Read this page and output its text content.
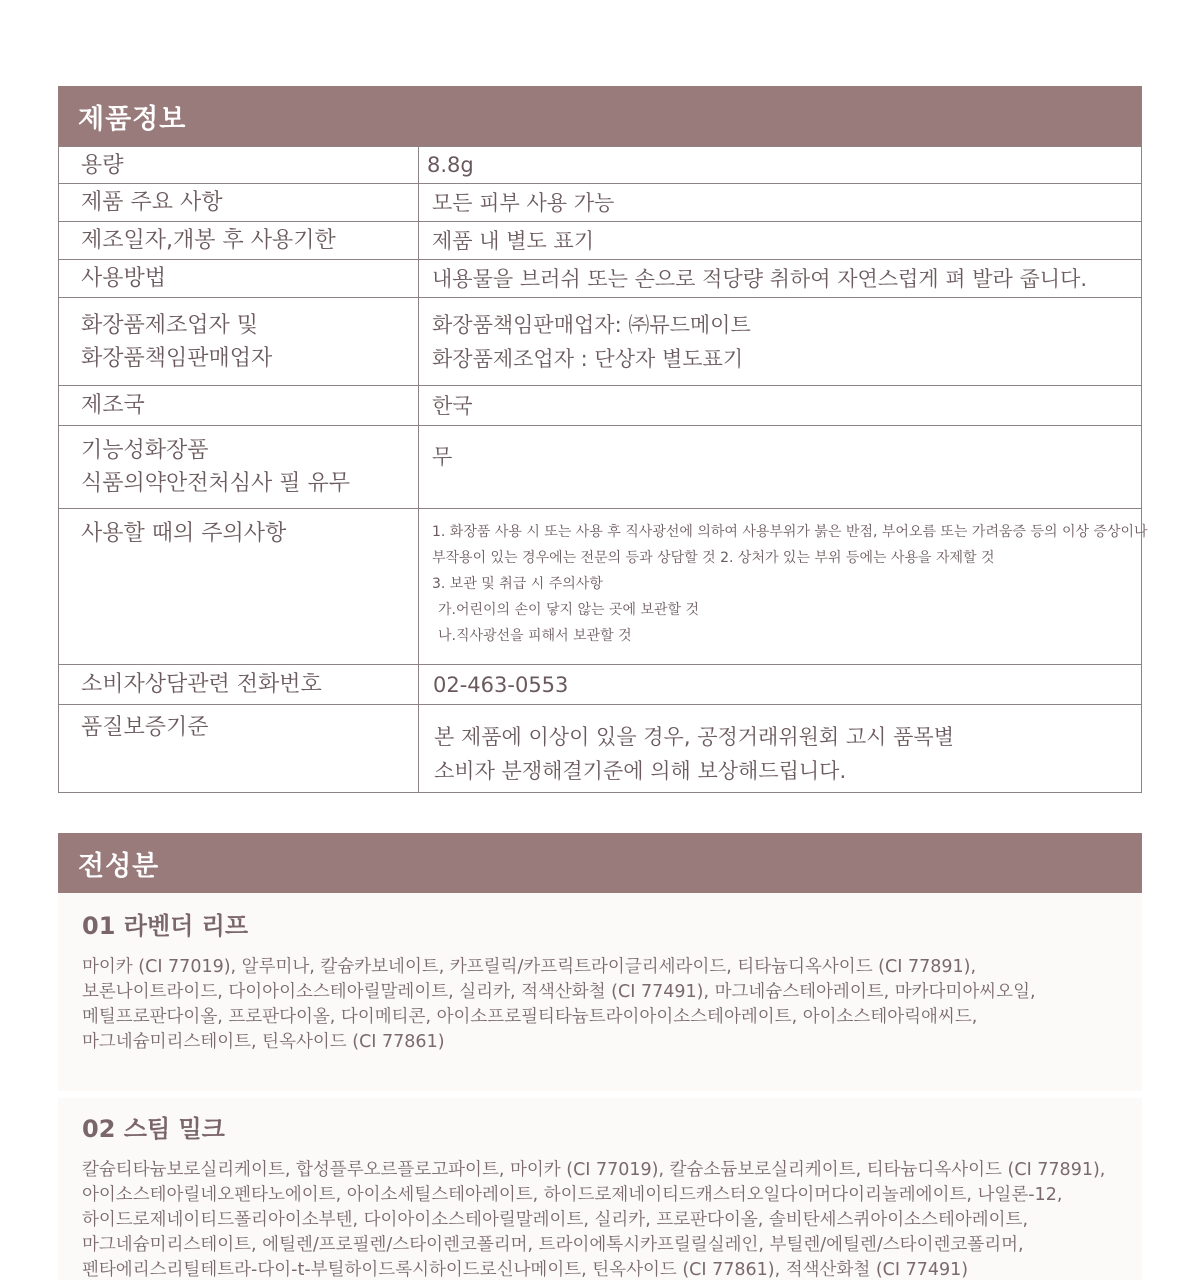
제품정보
용량	8.8g

제품 주요 사항	모든 피부 사용 가능

제조일자,개봉 후 사용기한	제품 내 별도 표기

사용방법	내용물을 브러쉬 또는 손으로 적당량 취하여 자연스럽게 펴 발라 줍니다.

화장품제조업자 및
화장품책임판매업자	화장품책임판매업자: ㈜뮤드메이트
화장품제조업자 : 단상자 별도표기

제조국	한국

기능성화장품
식품의약안전처심사 필 유무	무

사용할 때의 주의사항	1. 화장품 사용 시 또는 사용 후 직사광선에 의하여 사용부위가 붉은 반점, 부어오름 또는 가려움증 등의 이상 증상이나
부작용이 있는 경우에는 전문의 등과 상담할 것 2. 상처가 있는 부위 등에는 사용을 자제할 것
3. 보관 및 취급 시 주의사항
가.어린이의 손이 닿지 않는 곳에 보관할 것
나.직사광선을 피해서 보관할 것

소비자상담관련 전화번호	02-463-0553

품질보증기준	본 제품에 이상이 있을 경우, 공정거래위원회 고시 품목별
소비자 분쟁해결기준에 의해 보상해드립니다.
전성분
01 라벤더 리프
마이카 (CI 77019), 알루미나, 칼슘카보네이트, 카프릴릭/카프릭트라이글리세라이드, 티타늄디옥사이드 (CI 77891),
보론나이트라이드, 다이아이소스테아릴말레이트, 실리카, 적색산화철 (CI 77491), 마그네슘스테아레이트, 마카다미아씨오일,
메틸프로판다이올, 프로판다이올, 다이메티콘, 아이소프로필티타늄트라이아이소스테아레이트, 아이소스테아릭애씨드,
마그네슘미리스테이트, 틴옥사이드 (CI 77861)
02 스팀 밀크
칼슘티타늄보로실리케이트, 합성플루오르플로고파이트, 마이카 (CI 77019), 칼슘소듐보로실리케이트, 티타늄디옥사이드 (CI 77891),
아이소스테아릴네오펜타노에이트, 아이소세틸스테아레이트, 하이드로제네이티드캐스터오일다이머다이리놀레에이트, 나일론-12,
하이드로제네이티드폴리아이소부텐, 다이아이소스테아릴말레이트, 실리카, 프로판다이올, 솔비탄세스퀴아이소스테아레이트,
마그네슘미리스테이트, 에틸렌/프로필렌/스타이렌코폴리머, 트라이에톡시카프릴릴실레인, 부틸렌/에틸렌/스타이렌코폴리머,
펜타에리스리틸테트라-다이-t-부틸하이드록시하이드로신나메이트, 틴옥사이드 (CI 77861), 적색산화철 (CI 77491)
